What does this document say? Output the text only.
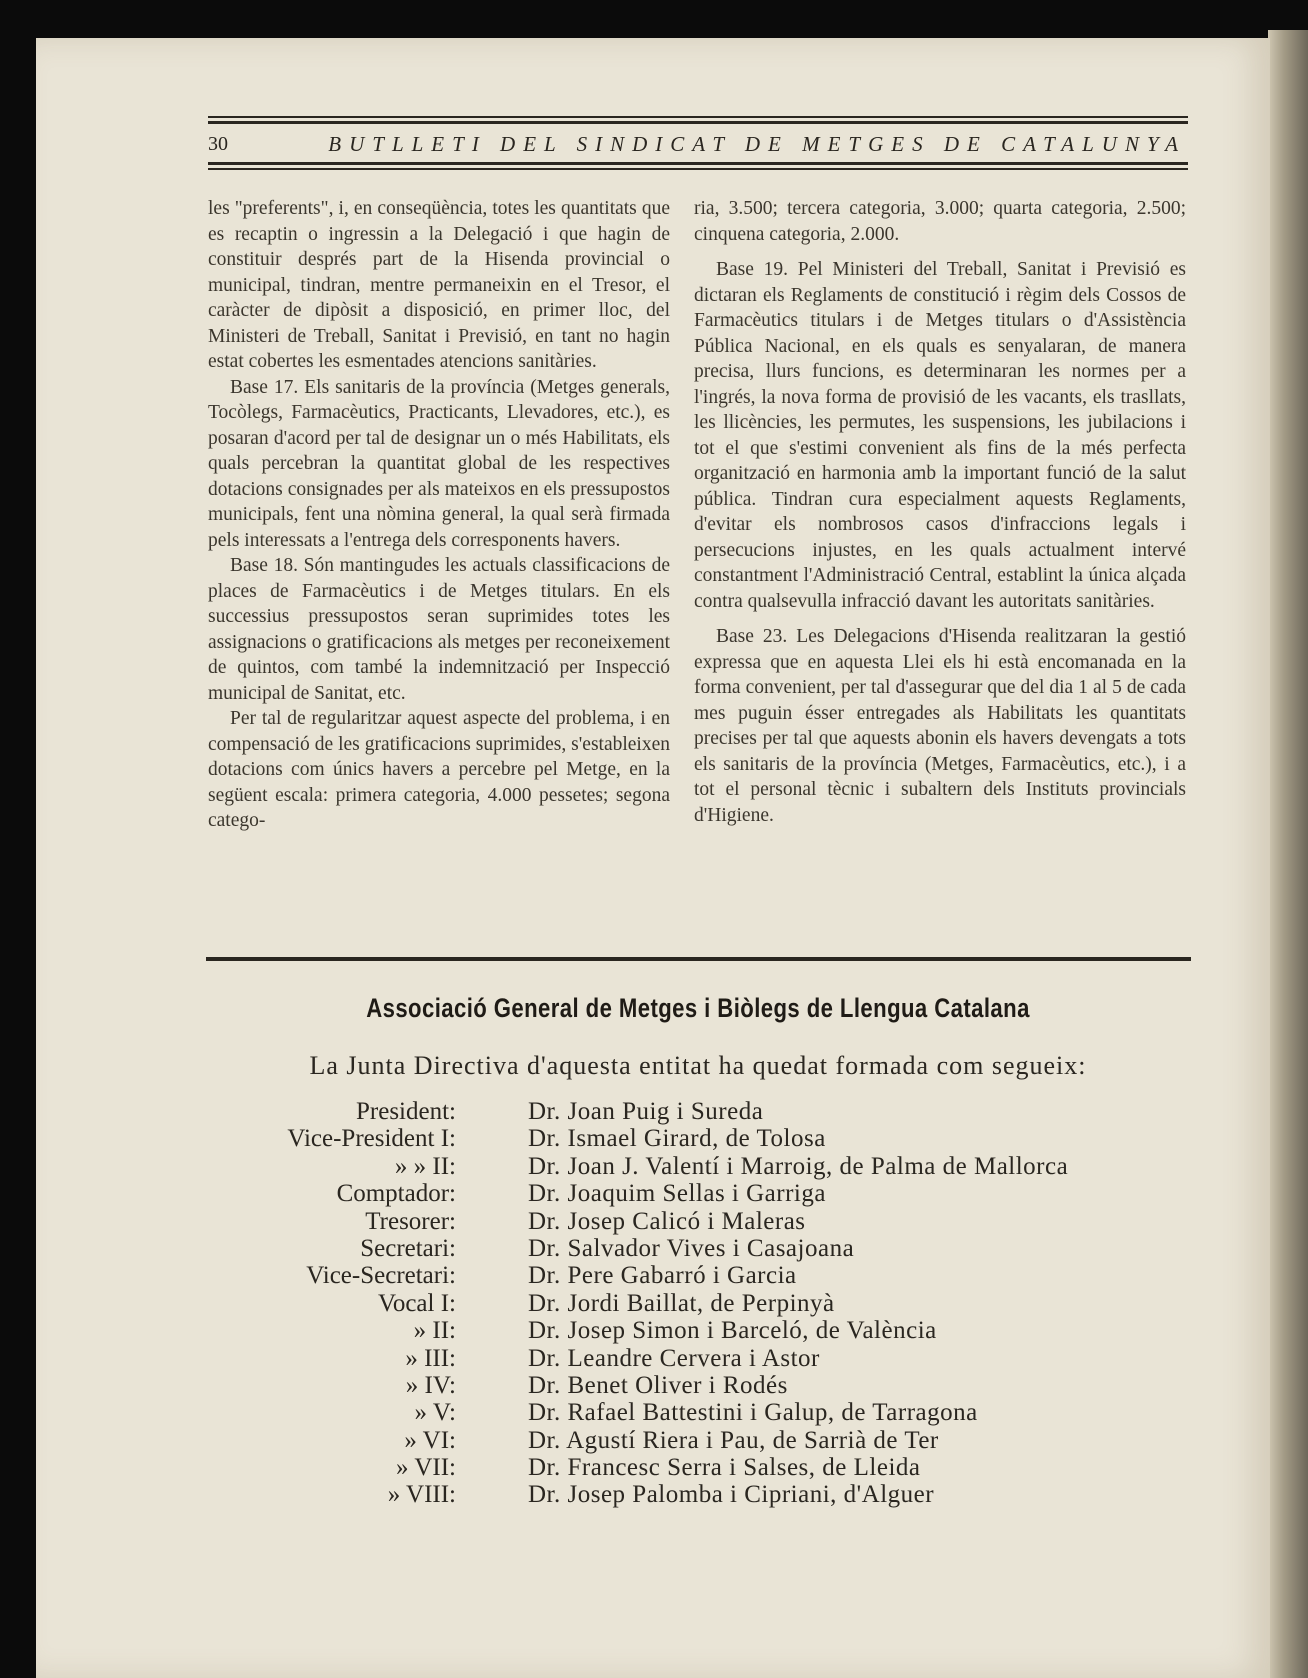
30	BUTLLETI DEL SINDICAT DE METGES DE CATALUNYA

les "preferents", i, en conseqüència, totes les quantitats que es recaptin o ingressin a la Delegació i que hagin de constituir després part de la Hisenda provincial o municipal, tindran, mentre permaneixin en el Tresor, el caràcter de dipòsit a disposició, en primer lloc, del Ministeri de Treball, Sanitat i Previsió, en tant no hagin estat cobertes les esmentades atencions sanitàries.

Base 17. Els sanitaris de la província (Metges generals, Tocòlegs, Farmacèutics, Practicants, Llevadores, etc.), es posaran d'acord per tal de designar un o més Habilitats, els quals percebran la quantitat global de les respectives dotacions consignades per als mateixos en els pressupostos municipals, fent una nòmina general, la qual serà firmada pels interessats a l'entrega dels corresponents havers.

Base 18. Són mantingudes les actuals classificacions de places de Farmacèutics i de Metges titulars. En els successius pressupostos seran suprimides totes les assignacions o gratificacions als metges per reconeixement de quintos, com també la indemnització per Inspecció municipal de Sanitat, etc.

Per tal de regularitzar aquest aspecte del problema, i en compensació de les gratificacions suprimides, s'estableixen dotacions com únics havers a percebre pel Metge, en la següent escala: primera categoria, 4.000 pessetes; segona catego-

ria, 3.500; tercera categoria, 3.000; quarta categoria, 2.500; cinquena categoria, 2.000.

Base 19. Pel Ministeri del Treball, Sanitat i Previsió es dictaran els Reglaments de constitució i règim dels Cossos de Farmacèutics titulars i de Metges titulars o d'Assistència Pública Nacional, en els quals es senyalaran, de manera precisa, llurs funcions, es determinaran les normes per a l'ingrés, la nova forma de provisió de les vacants, els trasllats, les llicències, les permutes, les suspensions, les jubilacions i tot el que s'estimi convenient als fins de la més perfecta organització en harmonia amb la important funció de la salut pública. Tindran cura especialment aquests Reglaments, d'evitar els nombrosos casos d'infraccions legals i persecucions injustes, en les quals actualment intervé constantment l'Administració Central, establint la única alçada contra qualsevulla infracció davant les autoritats sanitàries.

Base 23. Les Delegacions d'Hisenda realitzaran la gestió expressa que en aquesta Llei els hi està encomanada en la forma convenient, per tal d'assegurar que del dia 1 al 5 de cada mes puguin ésser entregades als Habilitats les quantitats precises per tal que aquests abonin els havers devengats a tots els sanitaris de la província (Metges, Farmacèutics, etc.), i a tot el personal tècnic i subaltern dels Instituts provincials d'Higiene.

Associació General de Metges i Biòlegs de Llengua Catalana
La Junta Directiva d'aquesta entitat ha quedat formada com segueix:
President:	Dr. Joan Puig i Sureda
Vice-President I:	Dr. Ismael Girard, de Tolosa
» » II:	Dr. Joan J. Valentí i Marroig, de Palma de Mallorca
Comptador:	Dr. Joaquim Sellas i Garriga
Tresorer:	Dr. Josep Calicó i Maleras
Secretari:	Dr. Salvador Vives i Casajoana
Vice-Secretari:	Dr. Pere Gabarró i Garcia
Vocal I:	Dr. Jordi Baillat, de Perpinyà
» II:	Dr. Josep Simon i Barceló, de València
» III:	Dr. Leandre Cervera i Astor
» IV:	Dr. Benet Oliver i Rodés
» V:	Dr. Rafael Battestini i Galup, de Tarragona
» VI:	Dr. Agustí Riera i Pau, de Sarrià de Ter
» VII:	Dr. Francesc Serra i Salses, de Lleida
» VIII:	Dr. Josep Palomba i Cipriani, d'Alguer
